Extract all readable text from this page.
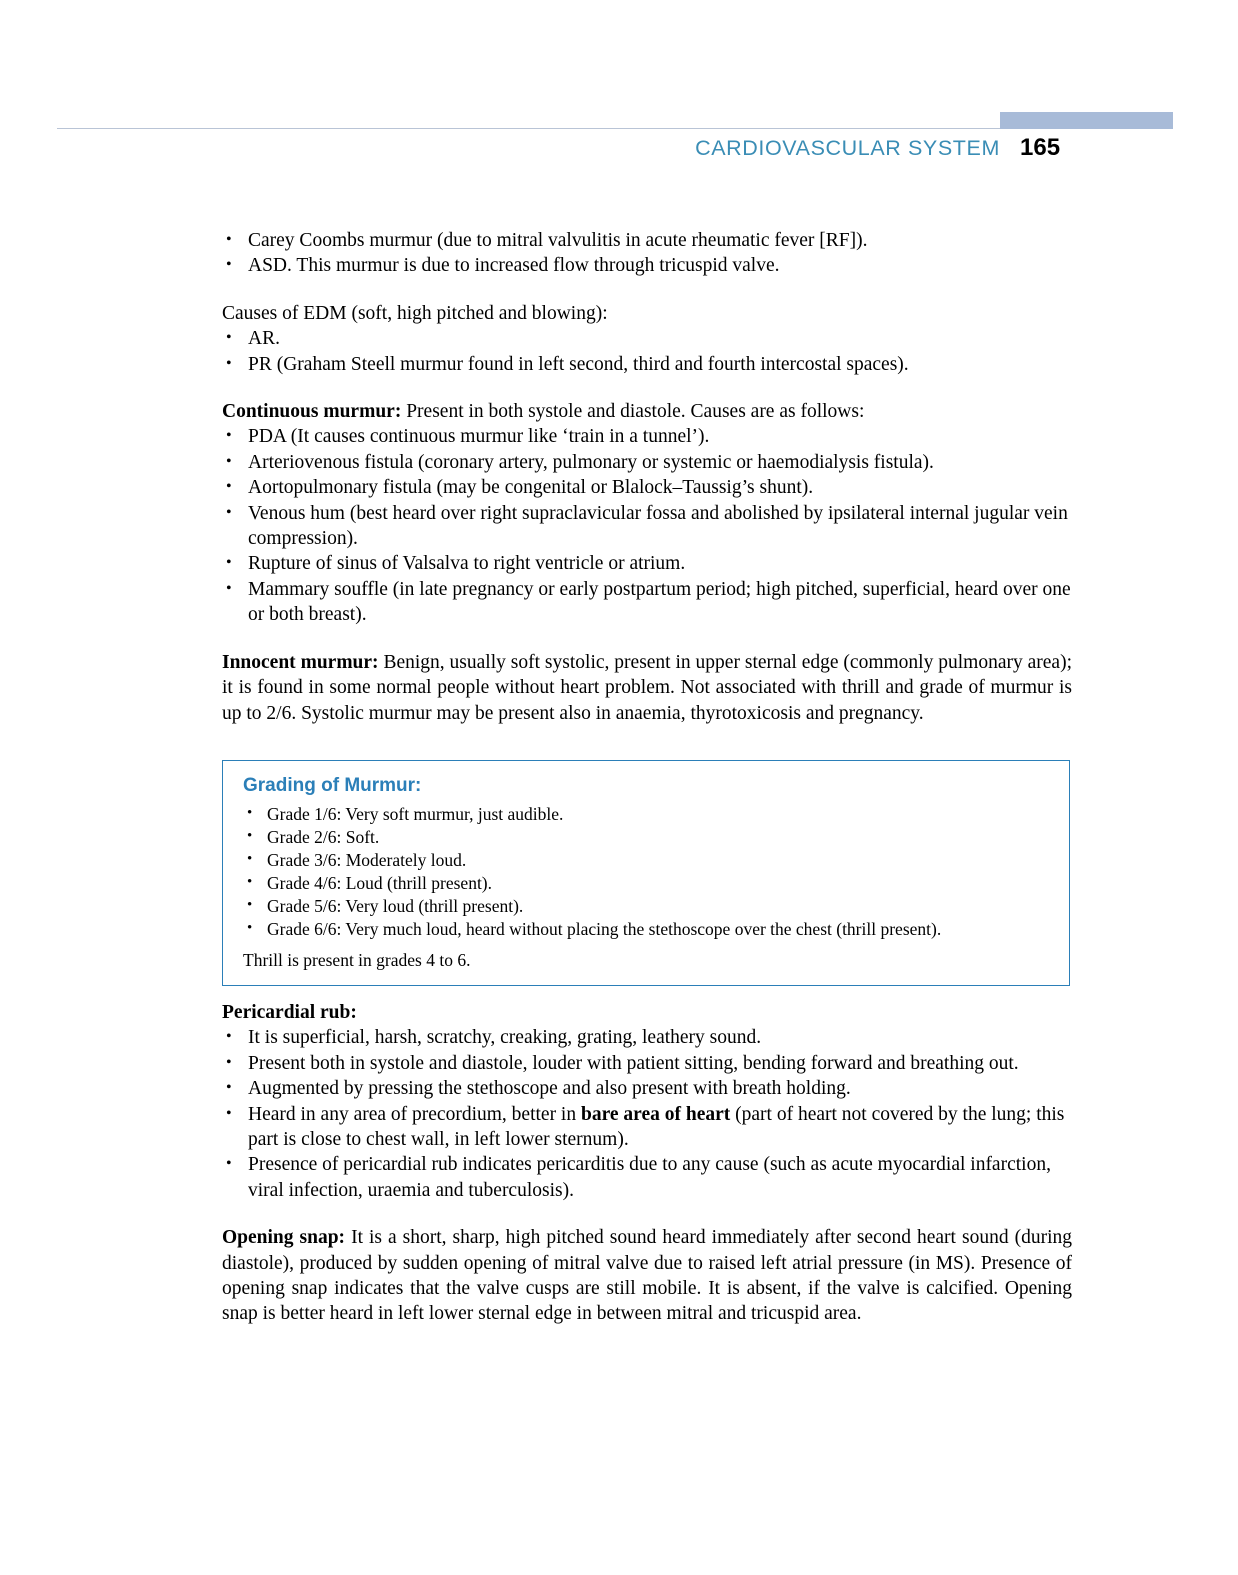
CARDIOVASCULAR SYSTEM 165
• Carey Coombs murmur (due to mitral valvulitis in acute rheumatic fever [RF]).
• ASD. This murmur is due to increased flow through tricuspid valve.

Causes of EDM (soft, high pitched and blowing):

• AR.
• PR (Graham Steell murmur found in left second, third and fourth intercostal spaces).

Continuous murmur: Present in both systole and diastole. Causes are as follows:

• PDA (It causes continuous murmur like ‘train in a tunnel’).
• Arteriovenous fistula (coronary artery, pulmonary or systemic or haemodialysis fistula).
• Aortopulmonary fistula (may be congenital or Blalock–Taussig’s shunt).
• Venous hum (best heard over right supraclavicular fossa and abolished by ipsilateral internal jugular vein compression).
• Rupture of sinus of Valsalva to right ventricle or atrium.
• Mammary souffle (in late pregnancy or early postpartum period; high pitched, superficial, heard over one or both breast).

Innocent murmur: Benign, usually soft systolic, present in upper sternal edge (commonly pulmonary area); it is found in some normal people without heart problem. Not associated with thrill and grade of murmur is up to 2/6. Systolic murmur may be present also in anaemia, thyrotoxicosis and pregnancy.

Grading of Murmur:
• Grade 1/6: Very soft murmur, just audible.
• Grade 2/6: Soft.
• Grade 3/6: Moderately loud.
• Grade 4/6: Loud (thrill present).
• Grade 5/6: Very loud (thrill present).
• Grade 6/6: Very much loud, heard without placing the stethoscope over the chest (thrill present).
Thrill is present in grades 4 to 6.

Pericardial rub:

• It is superficial, harsh, scratchy, creaking, grating, leathery sound.
• Present both in systole and diastole, louder with patient sitting, bending forward and breathing out.
• Augmented by pressing the stethoscope and also present with breath holding.
• Heard in any area of precordium, better in bare area of heart (part of heart not covered by the lung; this part is close to chest wall, in left lower sternum).
• Presence of pericardial rub indicates pericarditis due to any cause (such as acute myocardial infarction, viral infection, uraemia and tuberculosis).

Opening snap: It is a short, sharp, high pitched sound heard immediately after second heart sound (during diastole), produced by sudden opening of mitral valve due to raised left atrial pressure (in MS). Presence of opening snap indicates that the valve cusps are still mobile. It is absent, if the valve is calcified. Opening snap is better heard in left lower sternal edge in between mitral and tricuspid area.
